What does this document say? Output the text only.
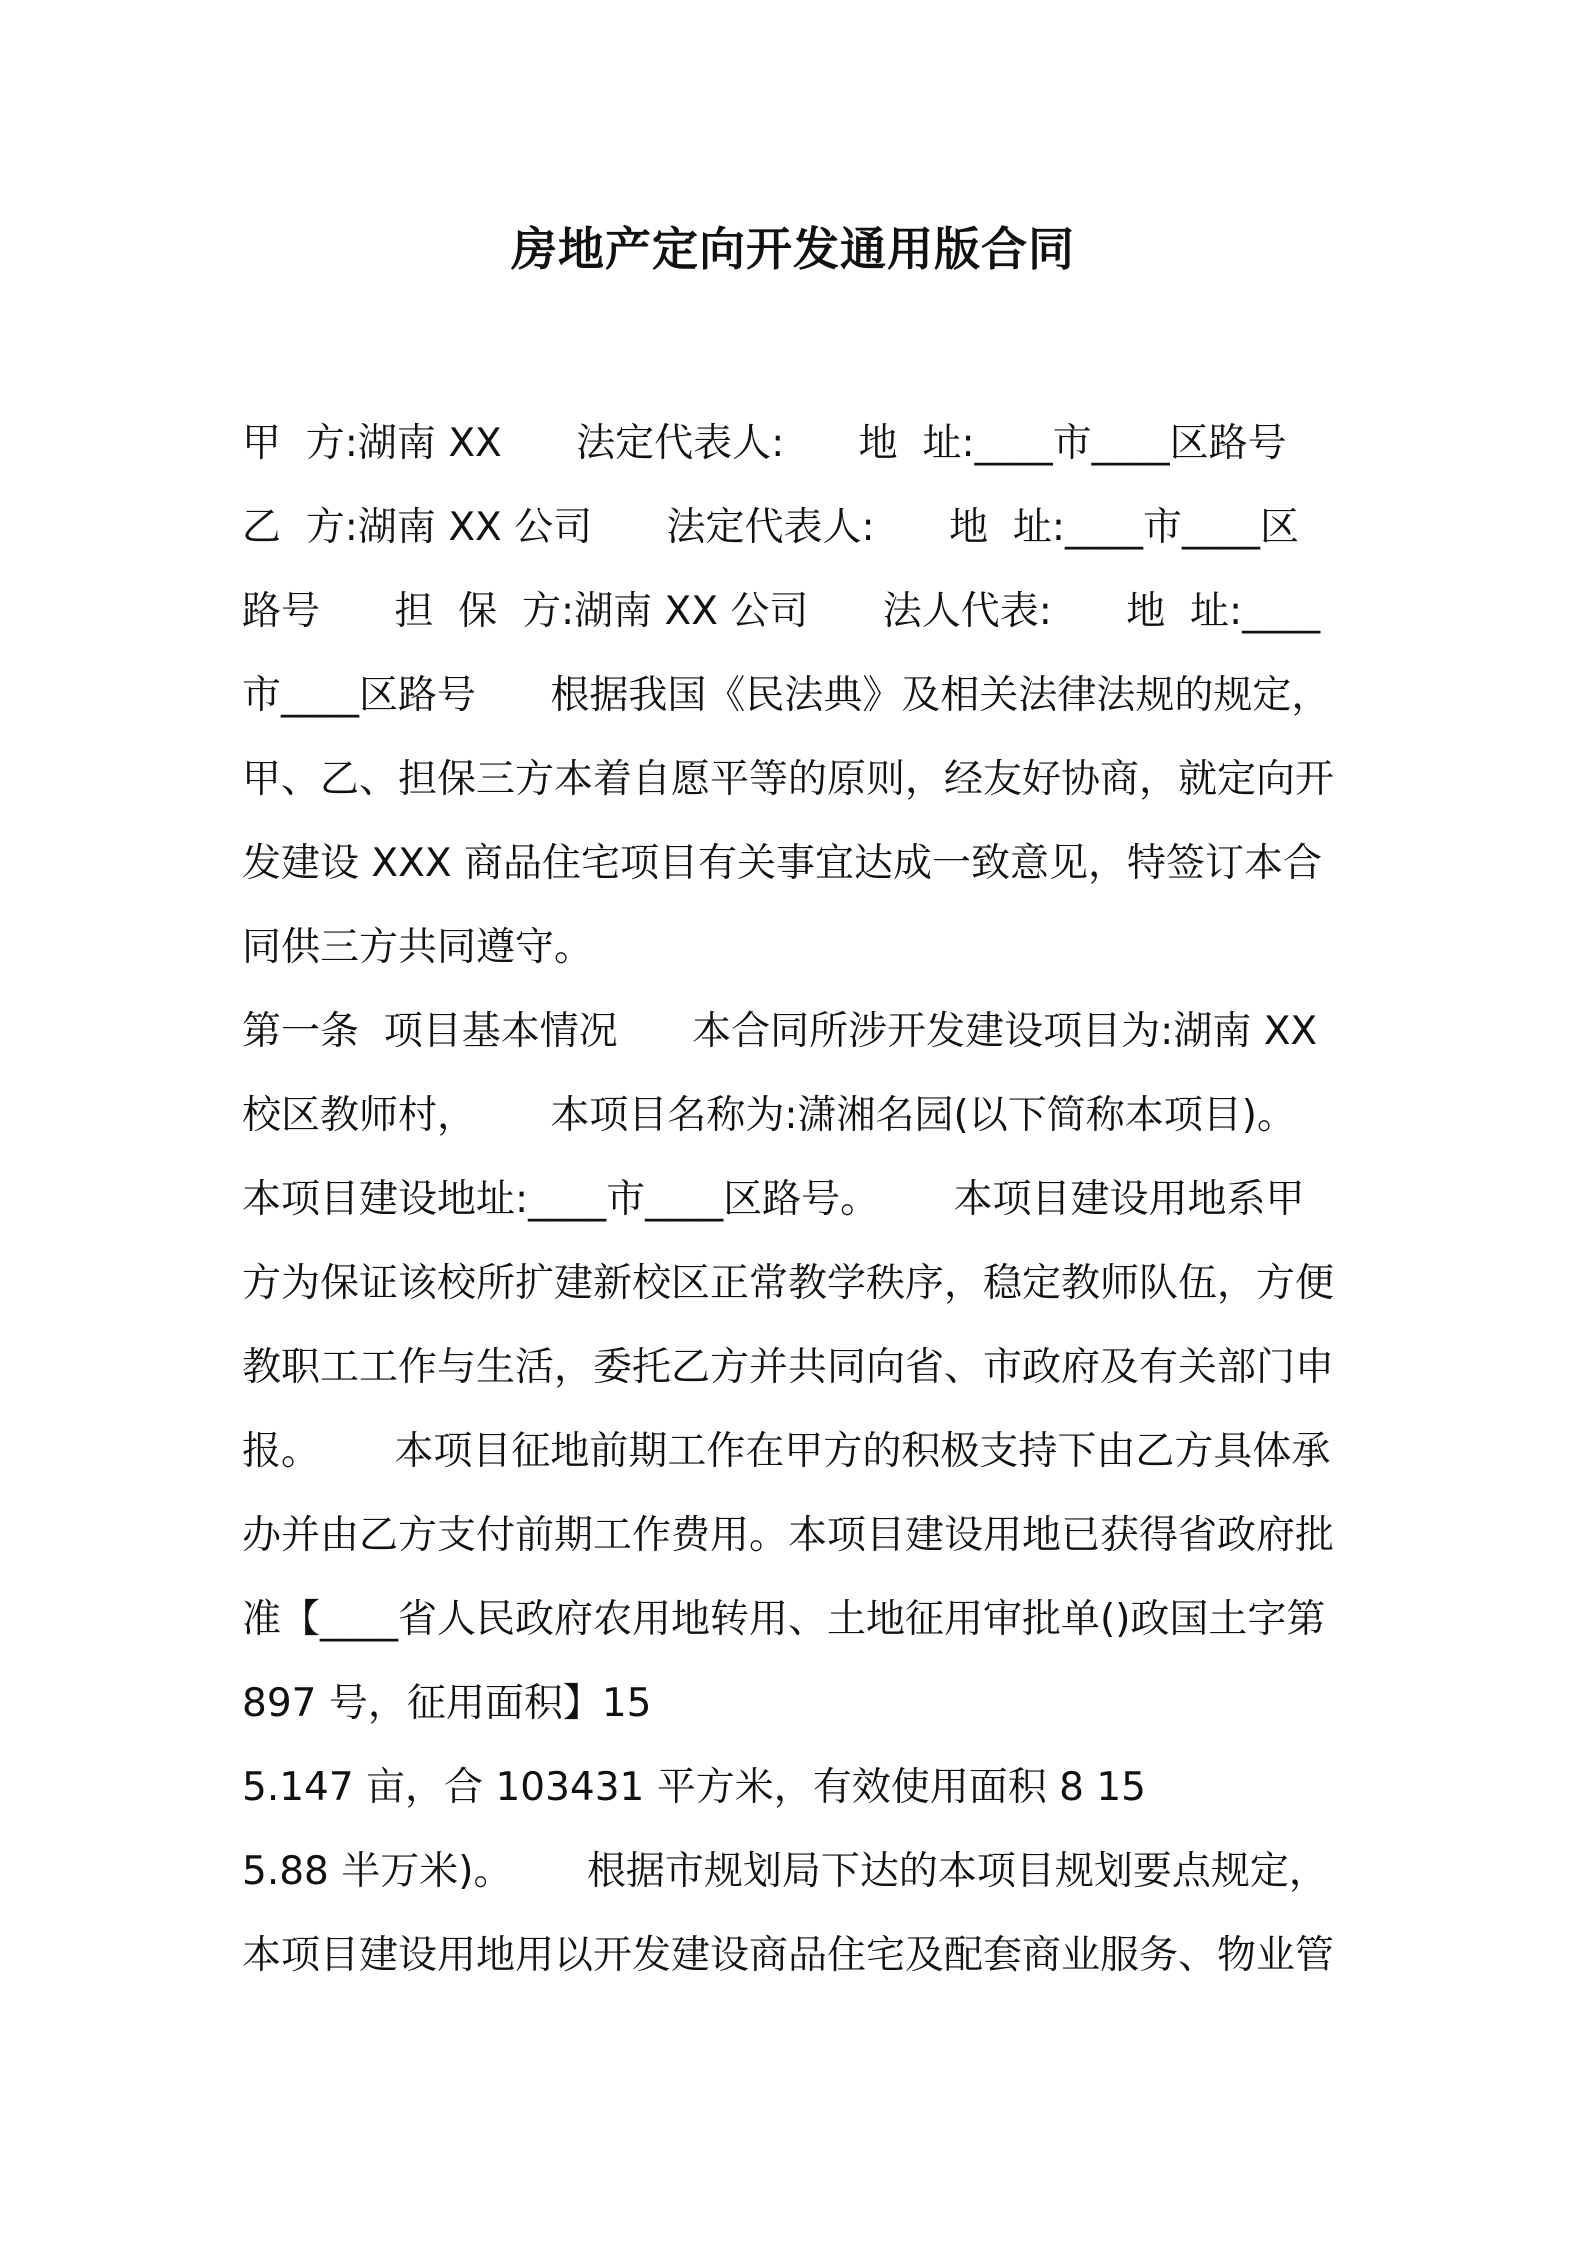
房地产定向开发通用版合同
甲  方:湖南 XX      法定代表人:      地  址:____市____区路号
乙  方:湖南 XX 公司      法定代表人:      地  址:____市____区
路号      担  保  方:湖南 XX 公司      法人代表:      地  址:____
市____区路号      根据我国《民法典》及相关法律法规的规定，
甲、乙、担保三方本着自愿平等的原则，经友好协商，就定向开
发建设 XXX 商品住宅项目有关事宜达成一致意见，特签订本合
同供三方共同遵守。
第一条  项目基本情况      本合同所涉开发建设项目为:湖南 XX
校区教师村，      本项目名称为:潇湘名园(以下简称本项目)。
本项目建设地址:____市____区路号。      本项目建设用地系甲
方为保证该校所扩建新校区正常教学秩序，稳定教师队伍，方便
教职工工作与生活，委托乙方并共同向省、市政府及有关部门申
报。      本项目征地前期工作在甲方的积极支持下由乙方具体承
办并由乙方支付前期工作费用。本项目建设用地已获得省政府批
准【____省人民政府农用地转用、土地征用审批单()政国土字第
897 号，征用面积】15
5.147 亩，合 103431 平方米，有效使用面积 8 15
5.88 半万米)。      根据市规划局下达的本项目规划要点规定，
本项目建设用地用以开发建设商品住宅及配套商业服务、物业管
